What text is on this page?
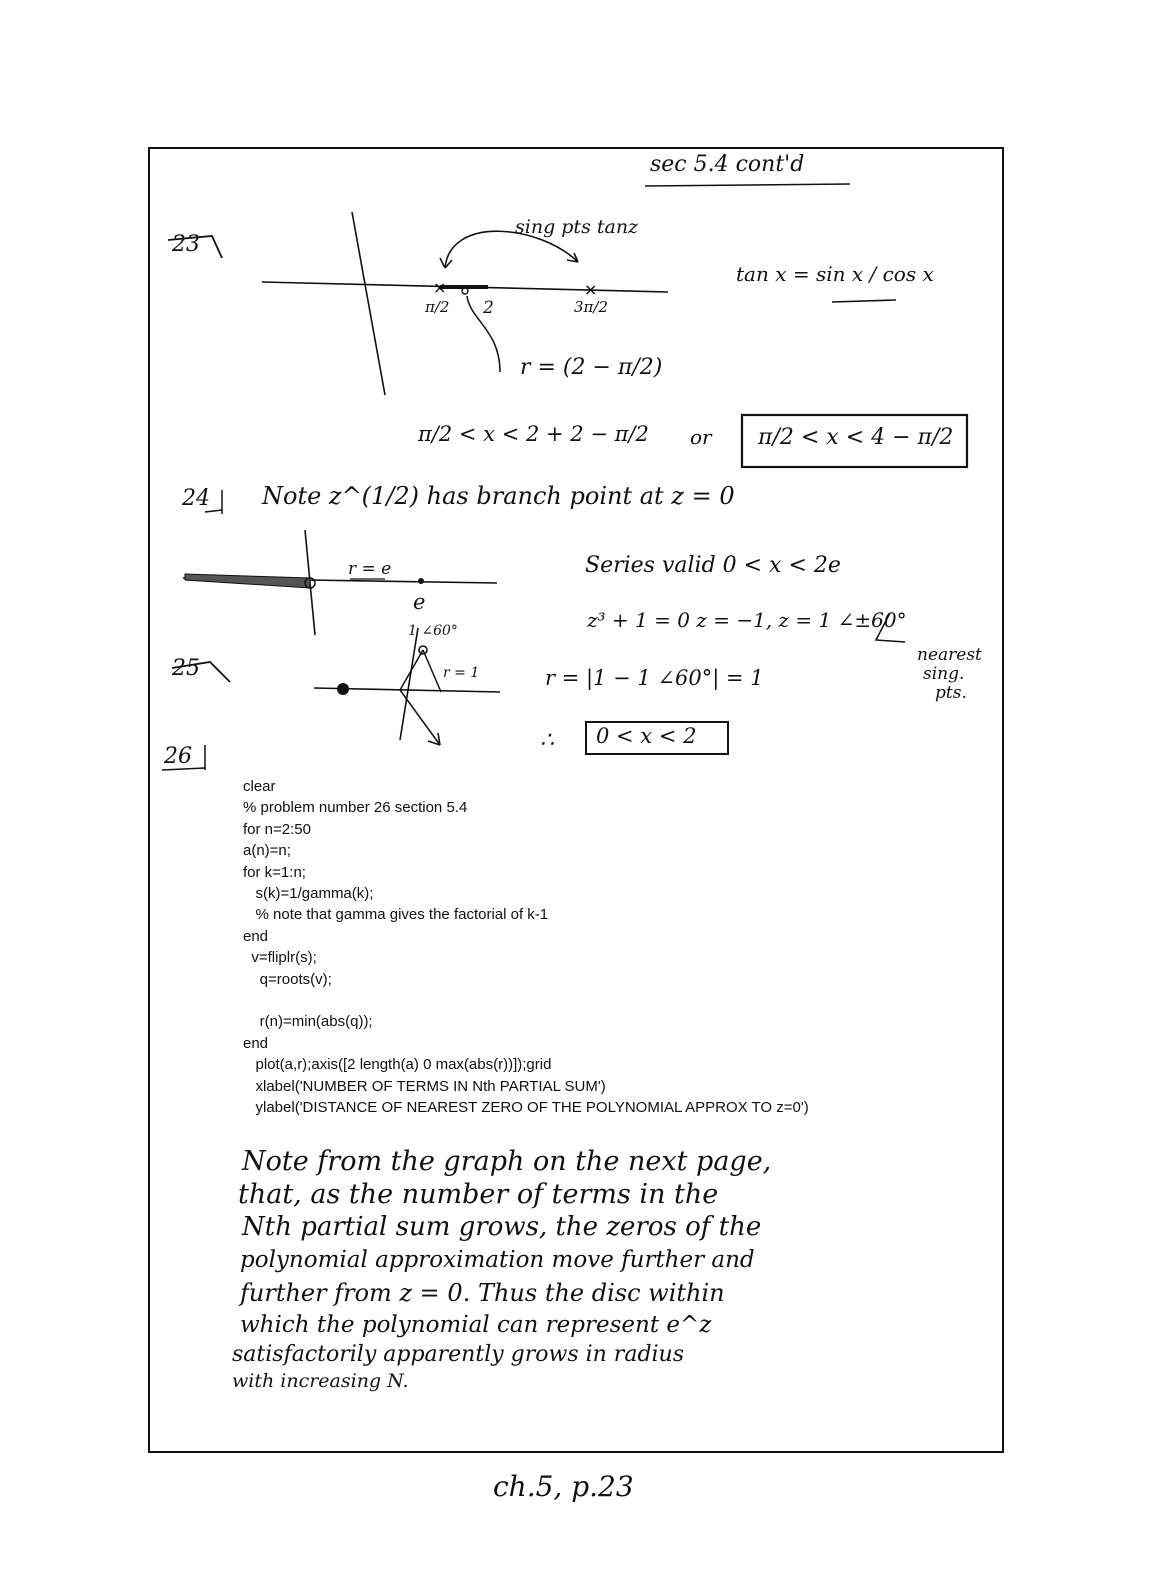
sec 5.4 cont'd
×	×
23
sing pts tanz
π/2 2	3π/2
tan x = sin x / cos x
r = (2 − π/2)
π/2 < x < 2 + 2 − π/2 or π/2 < x < 4 − π/2
24 Note z^(1/2) has branch point at z = 0
r = e
e
Series valid 0 < x < 2e
25
1 ∠60°
r = 1
z³ + 1 = 0 z = −1, z = 1 ∠±60°
r = |1 − 1 ∠60°| = 1
nearest
sing.
pts.
∴ 0 < x < 2
26
clear
% problem number 26 section 5.4
for n=2:50
a(n)=n;
for k=1:n;
s(k)=1/gamma(k);
% note that gamma gives the factorial of k-1
end
v=fliplr(s);
q=roots(v);

r(n)=min(abs(q));
end
plot(a,r);axis([2 length(a) 0 max(abs(r))]);grid
xlabel('NUMBER OF TERMS IN Nth PARTIAL SUM')
ylabel('DISTANCE OF NEAREST ZERO OF THE POLYNOMIAL APPROX TO z=0')
Note from the graph on the next page,
that, as the number of terms in the
Nth partial sum grows, the zeros of the
polynomial approximation move further and
further from z = 0. Thus the disc within
which the polynomial can represent e^z
satisfactorily apparently grows in radius
with increasing N.
ch.5, p.23
